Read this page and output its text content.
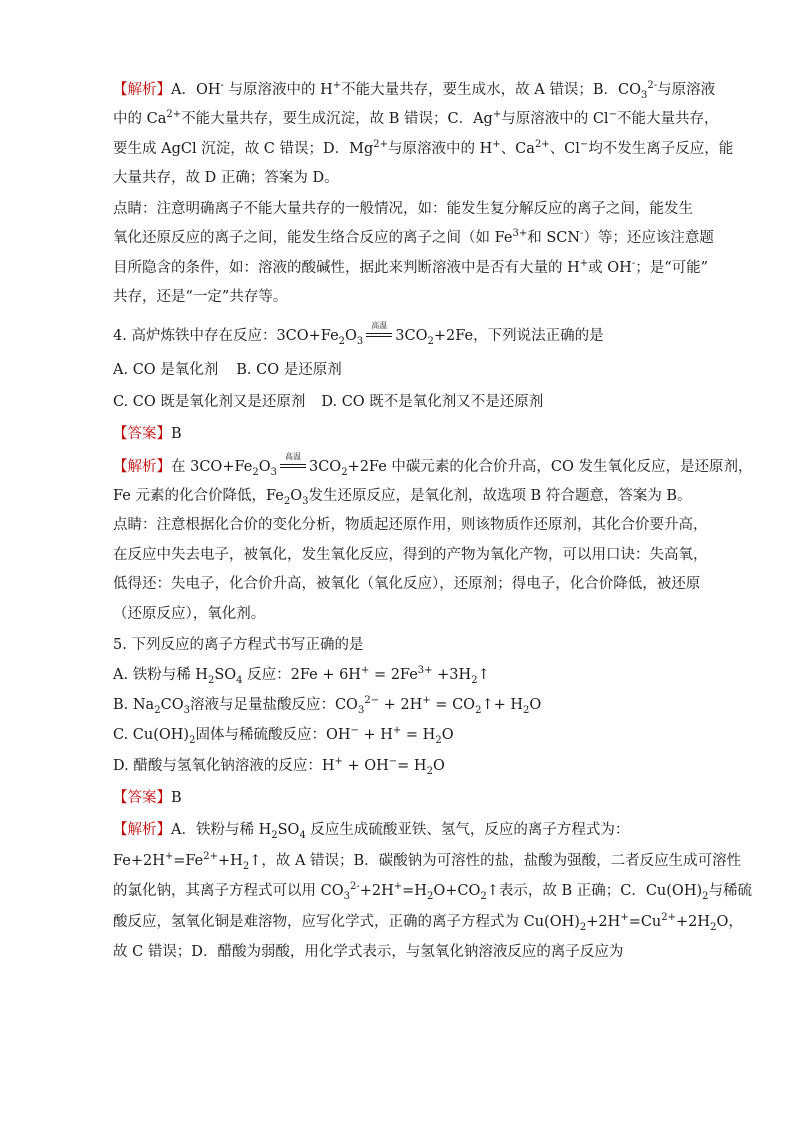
【解析】A．OH- 与原溶液中的 H+不能大量共存，要生成水，故 A 错误；B．$CO_3^{2-}$与原溶液
中的 $Ca^{2+}$不能大量共存，要生成沉淀，故 B 错误；C．Ag+与原溶液中的 Cl−不能大量共存，
要生成 AgCl 沉淀，故 C 错误；D．$Mg^{2+}$与原溶液中的 H+、$Ca^{2+}$、Cl−均不发生离子反应，能
大量共存，故 D 正确；答案为 D。
点睛：注意明确离子不能大量共存的一般情况，如：能发生复分解反应的离子之间，能发生
氧化还原反应的离子之间，能发生络合反应的离子之间（如 $Fe^{3+}$和 SCN-）等；还应该注意题
目所隐含的条件，如：溶液的酸碱性，据此来判断溶液中是否有大量的 H+或 OH-；是“可能”
共存，还是“一定”共存等。
4. 高炉炼铁中存在反应：$3CO+Fe_2O_3$
高温
$3CO_2+2Fe$，下列说法正确的是
A. CO 是氧化剂 B. CO 是还原剂
C. CO 既是氧化剂又是还原剂 D. CO 既不是氧化剂又不是还原剂
【答案】B
【解析】在 $3CO+Fe_2O_3$
高温
$3CO_2+2Fe$ 中碳元素的化合价升高，CO 发生氧化反应，是还原剂，
Fe 元素的化合价降低，$Fe_2O_3$发生还原反应，是氧化剂，故选项 B 符合题意，答案为 B。
点睛：注意根据化合价的变化分析，物质起还原作用，则该物质作还原剂，其化合价要升高，
在反应中失去电子，被氧化，发生氧化反应，得到的产物为氧化产物，可以用口诀：失高氧，
低得还：失电子，化合价升高，被氧化（氧化反应），还原剂；得电子，化合价降低，被还原
（还原反应），氧化剂。
5. 下列反应的离子方程式书写正确的是
A. 铁粉与稀 $H_2SO_4$ 反应：$2Fe + 6H^+ = 2Fe^{3+}$ $+3H_2↑$
B. $Na_2CO_3$溶液与足量盐酸反应：$CO_3^{2-} + 2H^+$ = $CO_2↑+ H_2O$
C. $Cu(OH)_2$固体与稀硫酸反应：$OH^- + H^+ = H_2O$
D. 醋酸与氢氧化钠溶液的反应：$H^+ + OH^-= H_2O$
【答案】B
【解析】A．铁粉与稀 $H_2SO_4$ 反应生成硫酸亚铁、氢气，反应的离子方程式为：
$Fe+2H^+=Fe^{2+}+H_2↑$，故 A 错误；B．碳酸钠为可溶性的盐，盐酸为强酸，二者反应生成可溶性
的氯化钠，其离子方程式可以用 $CO_3^{2-}+2H^+=H_2O+CO_2↑$表示，故 B 正确；C．$Cu(OH)_2$与稀硫
酸反应，氢氧化铜是难溶物，应写化学式，正确的离子方程式为 $Cu(OH)_2+2H^+=Cu^{2+}+2H_2O$，
故 C 错误；D．醋酸为弱酸，用化学式表示，与氢氧化钠溶液反应的离子反应为
